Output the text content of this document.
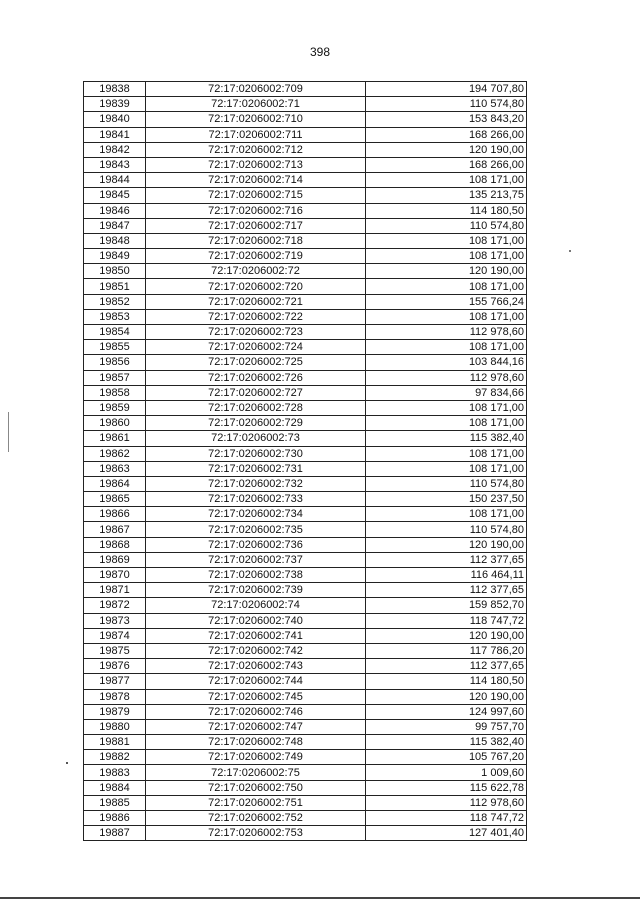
398
19838	72:17:0206002:709	194 707,80
19839	72:17:0206002:71	110 574,80
19840	72:17:0206002:710	153 843,20
19841	72:17:0206002:711	168 266,00
19842	72:17:0206002:712	120 190,00
19843	72:17:0206002:713	168 266,00
19844	72:17:0206002:714	108 171,00
19845	72:17:0206002:715	135 213,75
19846	72:17:0206002:716	114 180,50
19847	72:17:0206002:717	110 574,80
19848	72:17:0206002:718	108 171,00
19849	72:17:0206002:719	108 171,00
19850	72:17:0206002:72	120 190,00
19851	72:17:0206002:720	108 171,00
19852	72:17:0206002:721	155 766,24
19853	72:17:0206002:722	108 171,00
19854	72:17:0206002:723	112 978,60
19855	72:17:0206002:724	108 171,00
19856	72:17:0206002:725	103 844,16
19857	72:17:0206002:726	112 978,60
19858	72:17:0206002:727	97 834,66
19859	72:17:0206002:728	108 171,00
19860	72:17:0206002:729	108 171,00
19861	72:17:0206002:73	115 382,40
19862	72:17:0206002:730	108 171,00
19863	72:17:0206002:731	108 171,00
19864	72:17:0206002:732	110 574,80
19865	72:17:0206002:733	150 237,50
19866	72:17:0206002:734	108 171,00
19867	72:17:0206002:735	110 574,80
19868	72:17:0206002:736	120 190,00
19869	72:17:0206002:737	112 377,65
19870	72:17:0206002:738	116 464,11
19871	72:17:0206002:739	112 377,65
19872	72:17:0206002:74	159 852,70
19873	72:17:0206002:740	118 747,72
19874	72:17:0206002:741	120 190,00
19875	72:17:0206002:742	117 786,20
19876	72:17:0206002:743	112 377,65
19877	72:17:0206002:744	114 180,50
19878	72:17:0206002:745	120 190,00
19879	72:17:0206002:746	124 997,60
19880	72:17:0206002:747	99 757,70
19881	72:17:0206002:748	115 382,40
19882	72:17:0206002:749	105 767,20
19883	72:17:0206002:75	1 009,60
19884	72:17:0206002:750	115 622,78
19885	72:17:0206002:751	112 978,60
19886	72:17:0206002:752	118 747,72
19887	72:17:0206002:753	127 401,40
